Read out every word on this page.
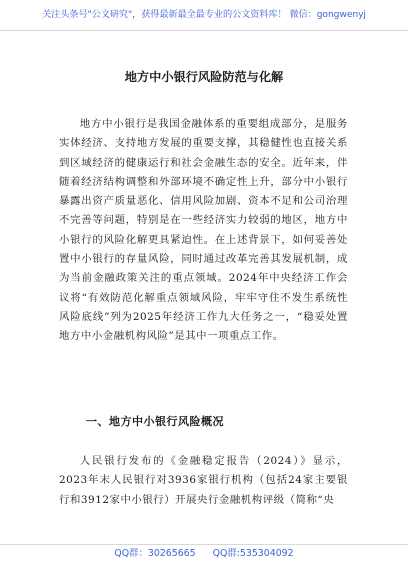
关注头条号"公文研究"，获得最新最全最专业的公文资料库！ 微信：gongwenyj
地方中小银行风险防范与化解
地方中小银行是我国金融体系的重要组成部分，是服务实体经济、支持地方发展的重要支撑，其稳健性也直接关系到区域经济的健康运行和社会金融生态的安全。近年来，伴随着经济结构调整和外部环境不确定性上升，部分中小银行暴露出资产质量恶化、信用风险加剧、资本不足和公司治理不完善等问题，特别是在一些经济实力较弱的地区，地方中小银行的风险化解更具紧迫性。在上述背景下，如何妥善处置中小银行的存量风险，同时通过改革完善其发展机制，成为当前金融政策关注的重点领域。2024年中央经济工作会议将“有效防范化解重点领域风险，牢牢守住不发生系统性风险底线”列为2025年经济工作九大任务之一，“稳妥处置地方中小金融机构风险”是其中一项重点工作。
一、地方中小银行风险概况
人民银行发布的《金融稳定报告（2024）》显示，2023年末人民银行对3936家银行机构（包括24家主要银行和3912家中小银行）开展央行金融机构评级（简称“央
QQ群：30265665 QQ群:535304092
